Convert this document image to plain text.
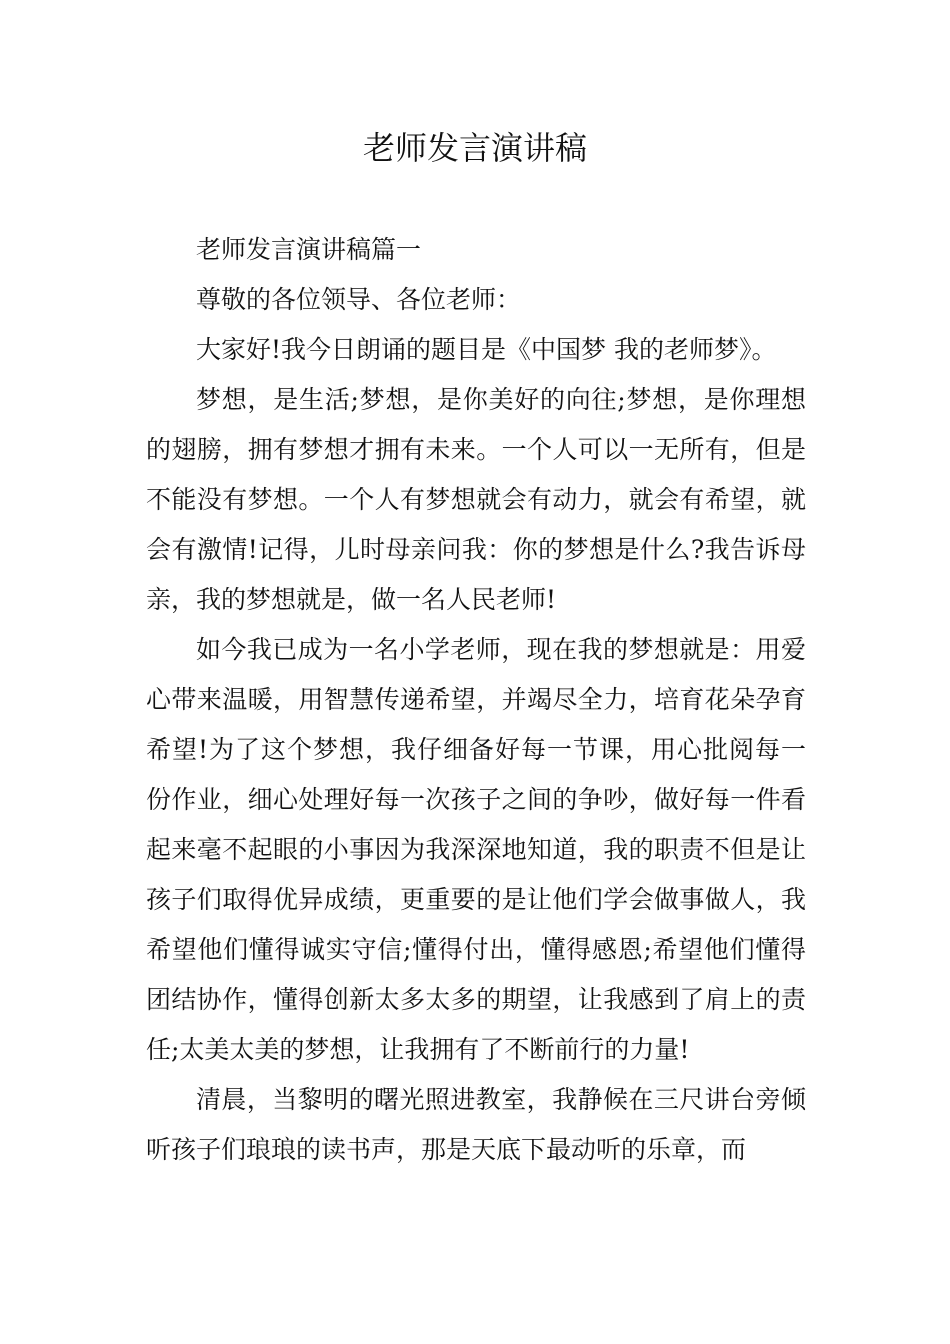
老师发言演讲稿

老师发言演讲稿篇一

尊敬的各位领导、各位老师：

大家好!我今日朗诵的题目是《中国梦 我的老师梦》。

梦想，是生活;梦想，是你美好的向往;梦想，是你理想的翅膀，拥有梦想才拥有未来。一个人可以一无所有，但是不能没有梦想。一个人有梦想就会有动力，就会有希望，就会有激情!记得，儿时母亲问我：你的梦想是什么?我告诉母亲，我的梦想就是，做一名人民老师!

如今我已成为一名小学老师，现在我的梦想就是：用爱心带来温暖，用智慧传递希望，并竭尽全力，培育花朵孕育希望!为了这个梦想，我仔细备好每一节课，用心批阅每一份作业，细心处理好每一次孩子之间的争吵，做好每一件看起来毫不起眼的小事因为我深深地知道，我的职责不但是让孩子们取得优异成绩，更重要的是让他们学会做事做人，我希望他们懂得诚实守信;懂得付出，懂得感恩;希望他们懂得团结协作，懂得创新太多太多的期望，让我感到了肩上的责任;太美太美的梦想，让我拥有了不断前行的力量!

清晨，当黎明的曙光照进教室，我静候在三尺讲台旁倾听孩子们琅琅的读书声，那是天底下最动听的乐章，而
